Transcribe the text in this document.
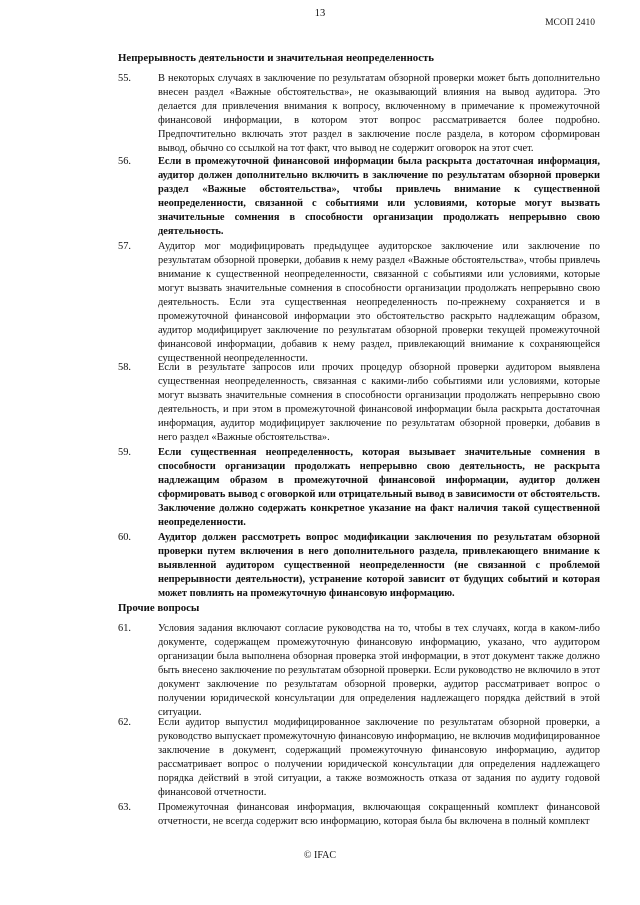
13
МСОП 2410
Непрерывность деятельности и значительная неопределенность
55.	В некоторых случаях в заключение по результатам обзорной проверки может быть дополнительно внесен раздел «Важные обстоятельства», не оказывающий влияния на вывод аудитора. Это делается для привлечения внимания к вопросу, включенному в примечание к промежуточной финансовой информации, в котором этот вопрос рассматривается более подробно. Предпочтительно включать этот раздел в заключение после раздела, в котором сформирован вывод, обычно со ссылкой на тот факт, что вывод не содержит оговорок на этот счет.
56.	Если в промежуточной финансовой информации была раскрыта достаточная информация, аудитор должен дополнительно включить в заключение по результатам обзорной проверки раздел «Важные обстоятельства», чтобы привлечь внимание к существенной неопределенности, связанной с событиями или условиями, которые могут вызвать значительные сомнения в способности организации продолжать непрерывно свою деятельность.
57.	Аудитор мог модифицировать предыдущее аудиторское заключение или заключение по результатам обзорной проверки, добавив к нему раздел «Важные обстоятельства», чтобы привлечь внимание к существенной неопределенности, связанной с событиями или условиями, которые могут вызвать значительные сомнения в способности организации продолжать непрерывно свою деятельность. Если эта существенная неопределенность по-прежнему сохраняется и в промежуточной финансовой информации это обстоятельство раскрыто надлежащим образом, аудитор модифицирует заключение по результатам обзорной проверки текущей промежуточной финансовой информации, добавив к нему раздел, привлекающий внимание к сохраняющейся существенной неопределенности.
58.	Если в результате запросов или прочих процедур обзорной проверки аудитором выявлена существенная неопределенность, связанная с какими-либо событиями или условиями, которые могут вызвать значительные сомнения в способности организации продолжать непрерывно свою деятельность, и при этом в промежуточной финансовой информации была раскрыта достаточная информация, аудитор модифицирует заключение по результатам обзорной проверки, добавив в него раздел «Важные обстоятельства».
59.	Если существенная неопределенность, которая вызывает значительные сомнения в способности организации продолжать непрерывно свою деятельность, не раскрыта надлежащим образом в промежуточной финансовой информации, аудитор должен сформировать вывод с оговоркой или отрицательный вывод в зависимости от обстоятельств. Заключение должно содержать конкретное указание на факт наличия такой существенной неопределенности.
60.	Аудитор должен рассмотреть вопрос модификации заключения по результатам обзорной проверки путем включения в него дополнительного раздела, привлекающего внимание к выявленной аудитором существенной неопределенности (не связанной с проблемой непрерывности деятельности), устранение которой зависит от будущих событий и которая может повлиять на промежуточную финансовую информацию.
Прочие вопросы
61.	Условия задания включают согласие руководства на то, чтобы в тех случаях, когда в каком-либо документе, содержащем промежуточную финансовую информацию, указано, что аудитором организации была выполнена обзорная проверка этой информации, в этот документ также должно быть внесено заключение по результатам обзорной проверки. Если руководство не включило в этот документ заключение по результатам обзорной проверки, аудитор рассматривает вопрос о получении юридической консультации для определения надлежащего порядка действий в этой ситуации.
62.	Если аудитор выпустил модифицированное заключение по результатам обзорной проверки, а руководство выпускает промежуточную финансовую информацию, не включив модифицированное заключение в документ, содержащий промежуточную финансовую информацию, аудитор рассматривает вопрос о получении юридической консультации для определения надлежащего порядка действий в этой ситуации, а также возможность отказа от задания по аудиту годовой финансовой отчетности.
63.	Промежуточная финансовая информация, включающая сокращенный комплект финансовой отчетности, не всегда содержит всю информацию, которая была бы включена в полный комплект
© IFAC
